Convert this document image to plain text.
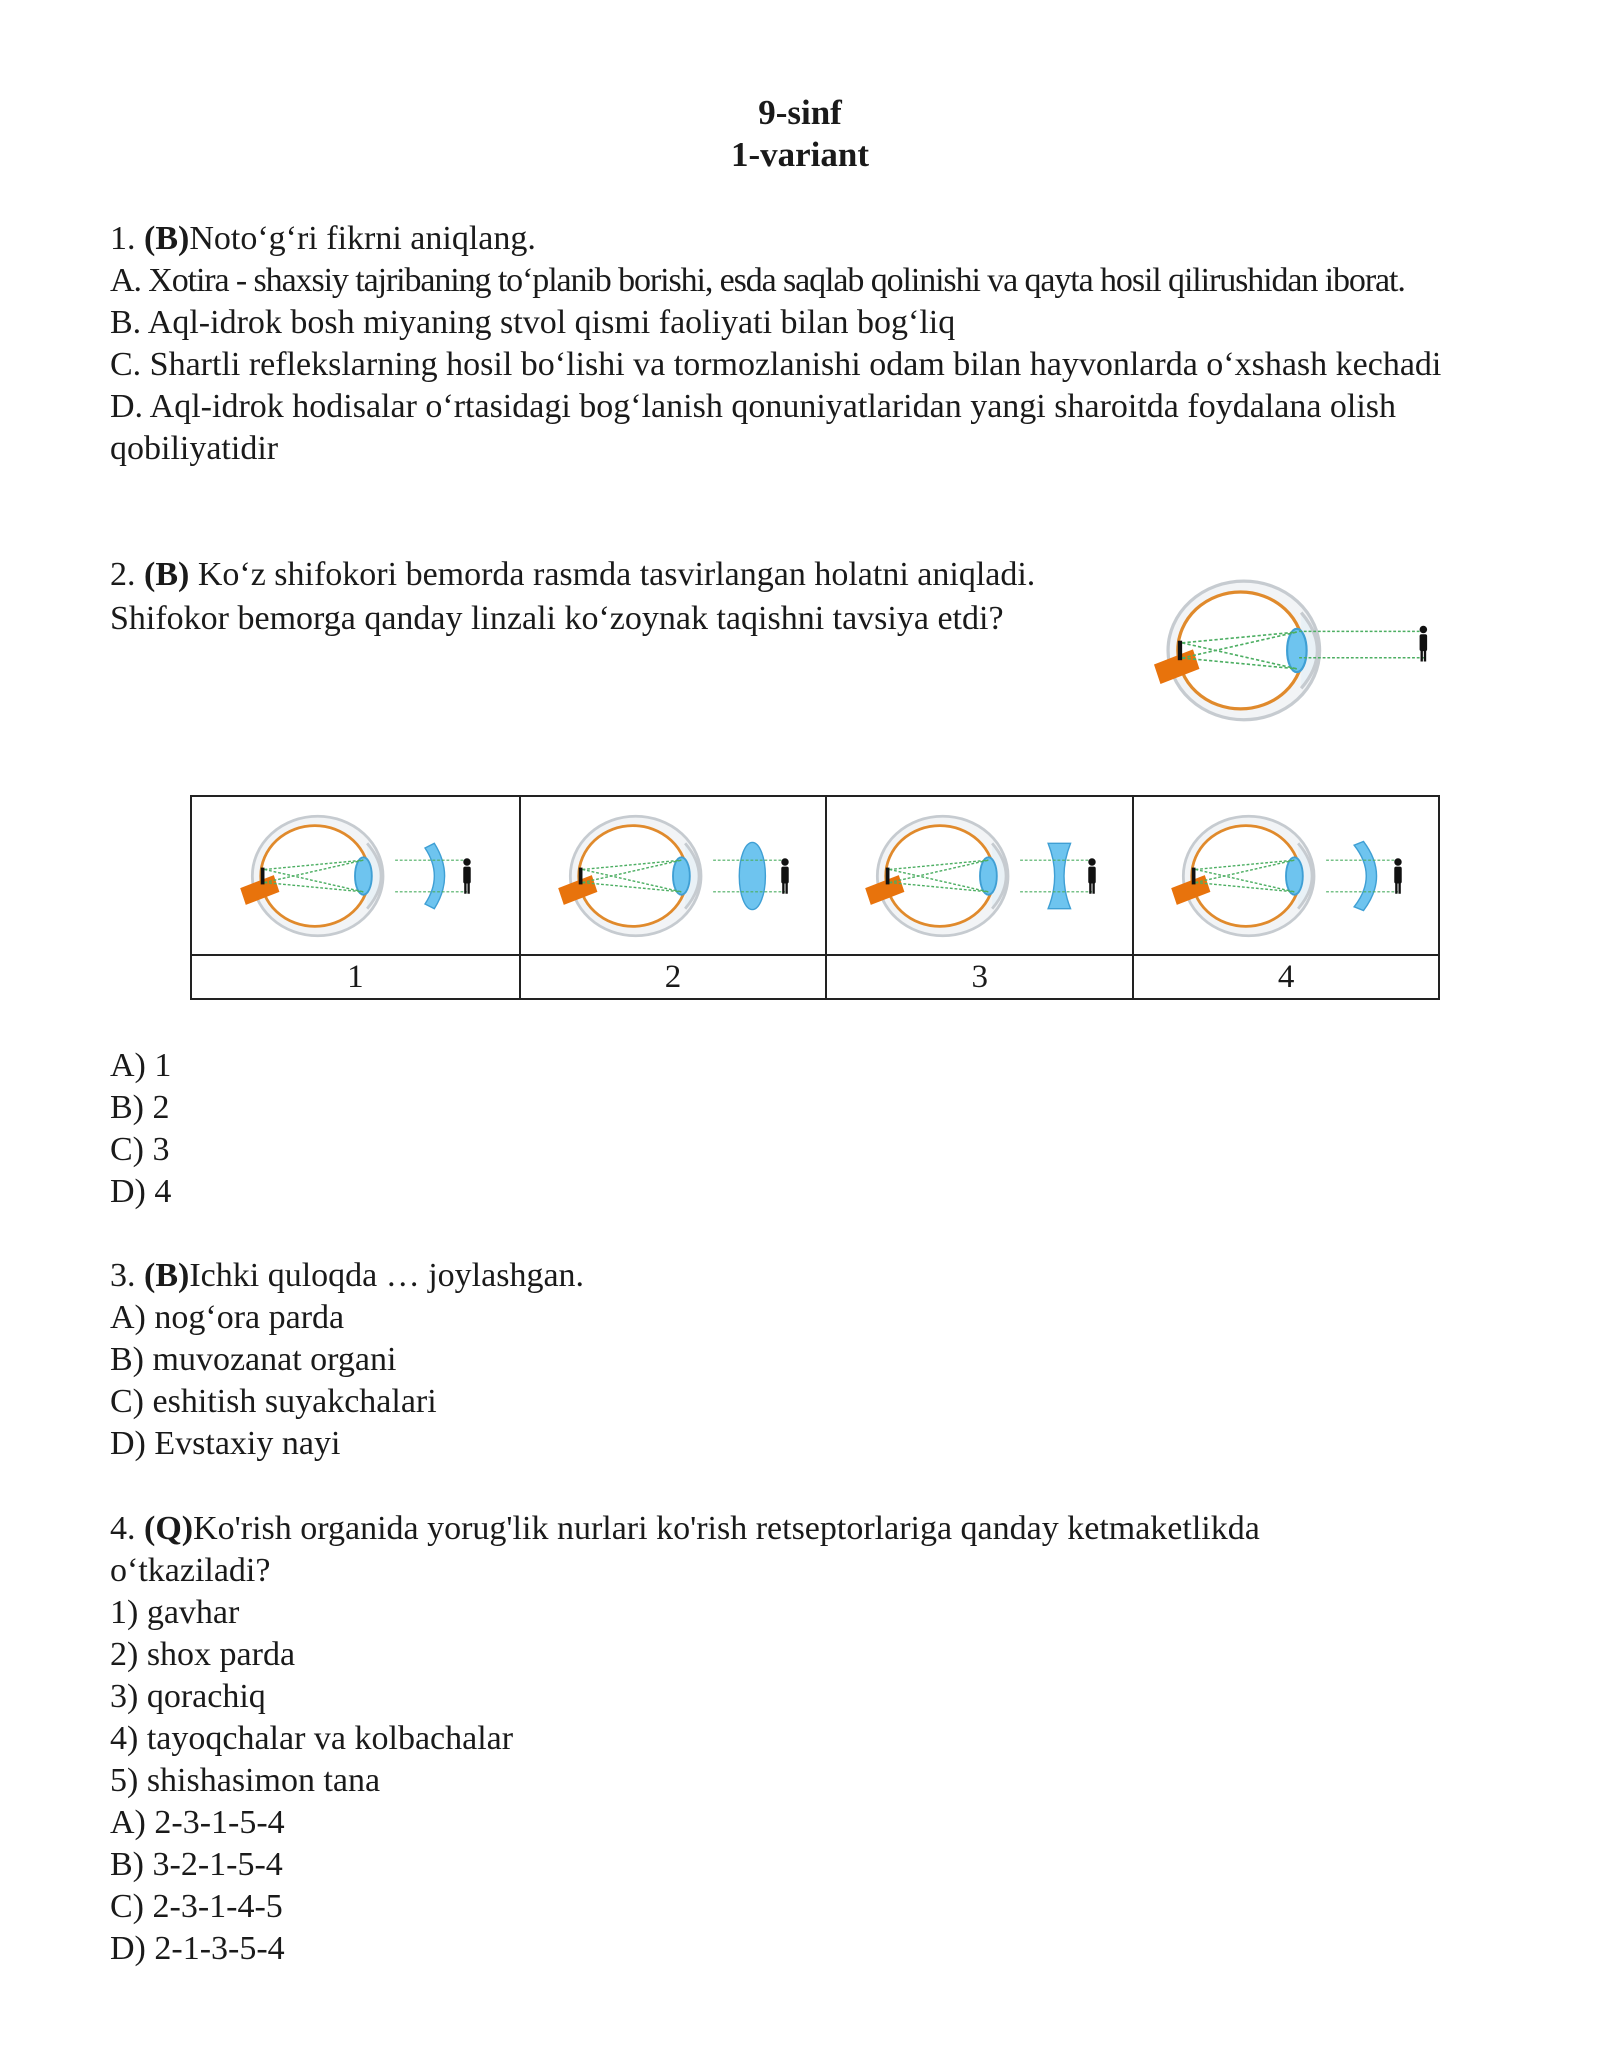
9-sinf
1-variant
1. (B)Noto‘g‘ri fikrni aniqlang.
A. Xotira - shaxsiy tajribaning to‘planib borishi, esda saqlab qolinishi va qayta hosil qilirushidan iborat.
B. Aql-idrok bosh miyaning stvol qismi faoliyati bilan bog‘liq
C. Shartli reflekslarning hosil bo‘lishi va tormozlanishi odam bilan hayvonlarda o‘xshash kechadi
D. Aql-idrok hodisalar o‘rtasidagi bog‘lanish qonuniyatlaridan yangi sharoitda foydalana olish qobiliyatidir
2. (B) Ko‘z shifokori bemorda rasmda tasvirlangan holatni aniqladi. Shifokor bemorga qanday linzali ko‘zoynak taqishni tavsiya etdi?

1	2	3	4
A) 1
B) 2
C) 3
D) 4
3. (B)Ichki quloqda … joylashgan.
A) nog‘ora parda
B) muvozanat organi
C) eshitish suyakchalari
D) Evstaxiy nayi
4. (Q)Ko'rish organida yorug'lik nurlari ko'rish retseptorlariga qanday ketmaketlikda o‘tkaziladi?
1) gavhar
2) shox parda
3) qorachiq
4) tayoqchalar va kolbachalar
5) shishasimon tana
A) 2-3-1-5-4
B) 3-2-1-5-4
C) 2-3-1-4-5
D) 2-1-3-5-4
